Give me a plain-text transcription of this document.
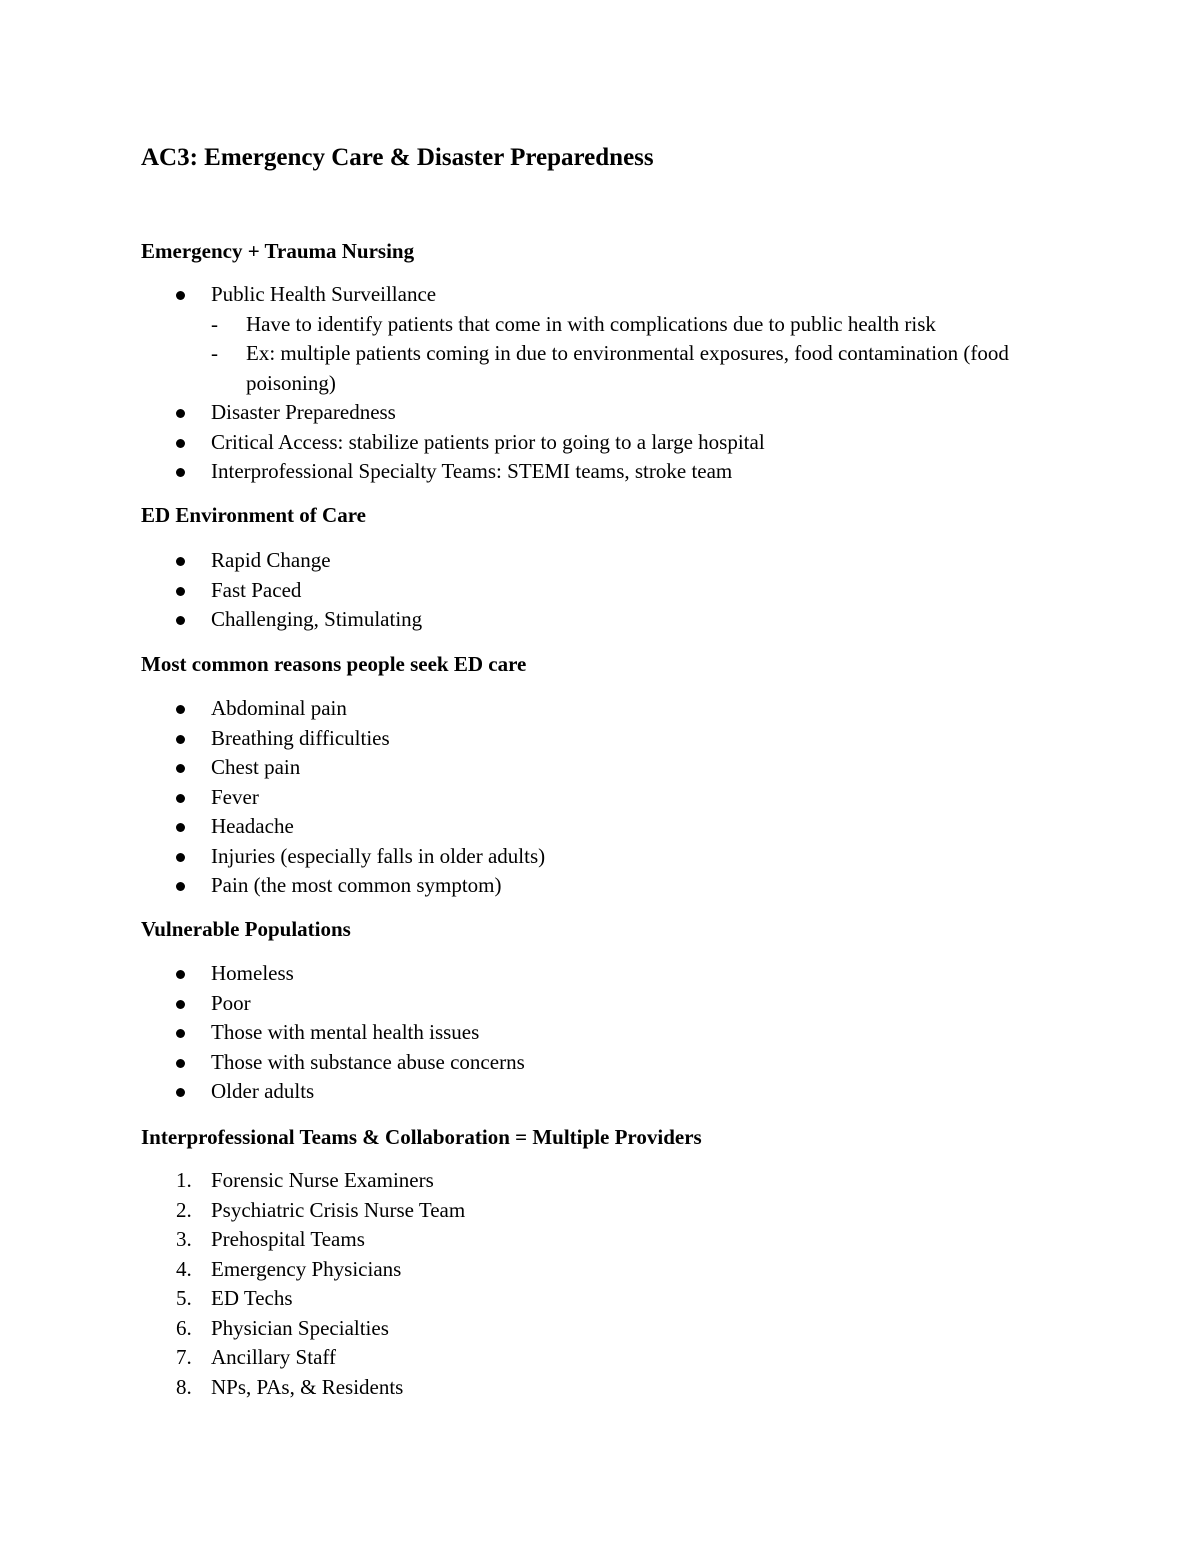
AC3: Emergency Care & Disaster Preparedness
Emergency + Trauma Nursing
Public Health Surveillance
-	Have to identify patients that come in with complications due to public health risk
-	Ex: multiple patients coming in due to environmental exposures, food contamination (food poisoning)
Disaster Preparedness
Critical Access: stabilize patients prior to going to a large hospital
Interprofessional Specialty Teams: STEMI teams, stroke team
ED Environment of Care
Rapid Change
Fast Paced
Challenging, Stimulating
Most common reasons people seek ED care
Abdominal pain
Breathing difficulties
Chest pain
Fever
Headache
Injuries (especially falls in older adults)
Pain (the most common symptom)
Vulnerable Populations
Homeless
Poor
Those with mental health issues
Those with substance abuse concerns
Older adults
Interprofessional Teams & Collaboration = Multiple Providers
1. Forensic Nurse Examiners
2. Psychiatric Crisis Nurse Team
3. Prehospital Teams
4. Emergency Physicians
5. ED Techs
6. Physician Specialties
7. Ancillary Staff
8. NPs, PAs, & Residents
